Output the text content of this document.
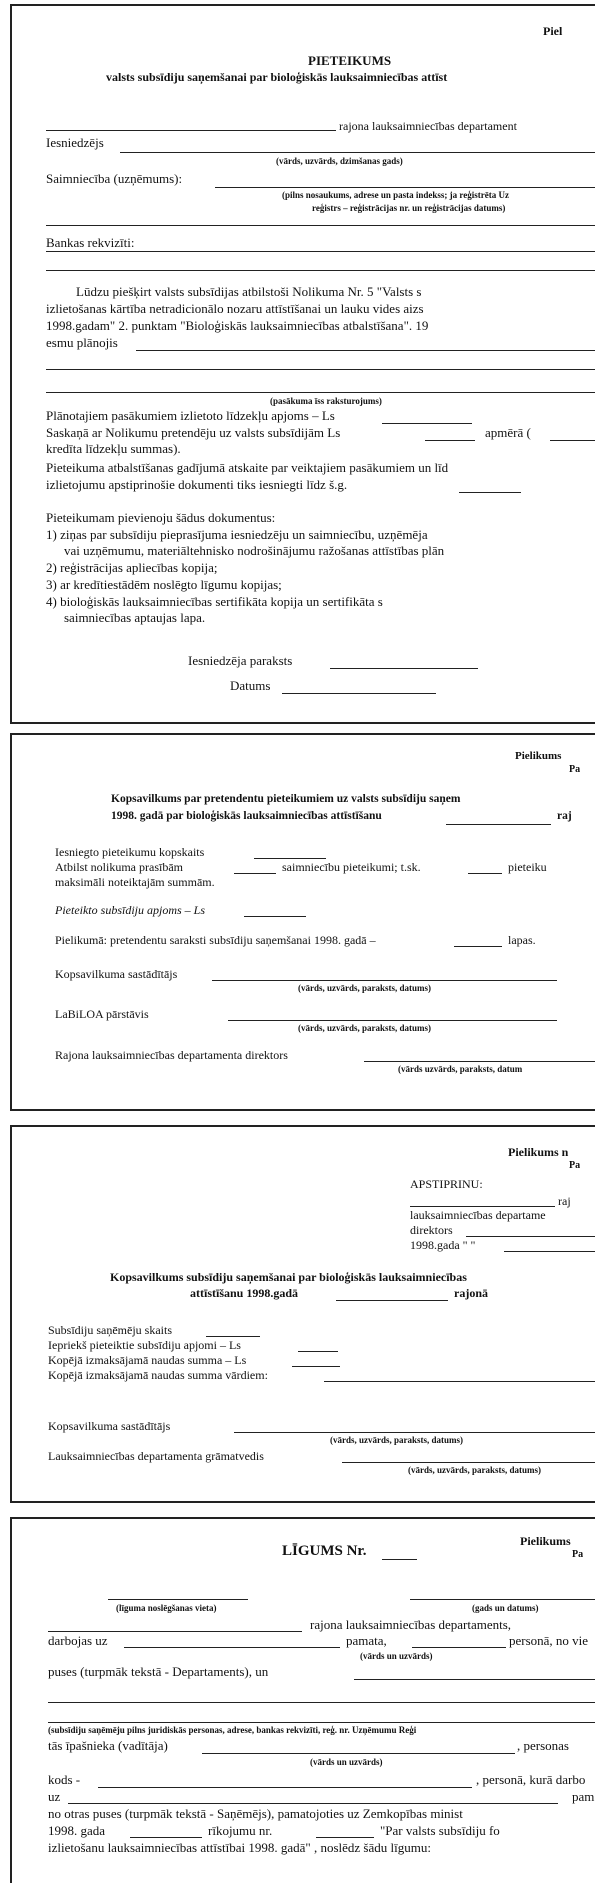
Piel
PIETEIKUMS
valsts subsīdiju saņemšanai par bioloģiskās lauksaimniecības attīst
rajona lauksaimniecības departament
Iesniedzējs
(vārds, uzvārds, dzimšanas gads)
Saimniecība (uzņēmums):
(pilns nosaukums, adrese un pasta indekss; ja reģistrēta Uz
reģistrs – reģistrācijas nr. un reģistrācijas datums)
Bankas rekvizīti:
Lūdzu piešķirt valsts subsīdijas atbilstoši Nolikuma Nr. 5 "Valsts s
izlietošanas kārtība netradicionālo nozaru attīstīšanai un lauku vides aizs
1998.gadam" 2. punktam "Bioloģiskās lauksaimniecības atbalstīšana". 19
esmu plānojis
(pasākuma īss raksturojums)
Plānotajiem pasākumiem izlietoto līdzekļu apjoms – Ls
Saskaņā ar Nolikumu pretendēju uz valsts subsīdijām Ls	apmērā (
kredīta līdzekļu summas).
Pieteikuma atbalstīšanas gadījumā atskaite par veiktajiem pasākumiem un līd
izlietojumu apstiprinošie dokumenti tiks iesniegti līdz š.g.
Pieteikumam pievienoju šādus dokumentus:
1) ziņas par subsīdiju pieprasījuma iesniedzēju un saimniecību, uzņēmēja
vai uzņēmumu, materiāltehnisko nodrošinājumu ražošanas attīstības plān
2) reģistrācijas apliecības kopija;
3) ar kredītiestādēm noslēgto līgumu kopijas;
4) bioloģiskās lauksaimniecības sertifikāta kopija un sertifikāta s
saimniecības aptaujas lapa.
Iesniedzēja paraksts
Datums
Pielikums
Pa
Kopsavilkums par pretendentu pieteikumiem uz valsts subsīdiju saņem
1998. gadā par bioloģiskās lauksaimniecības attīstīšanu	raj
Iesniegto pieteikumu kopskaits
Atbilst nolikuma prasībām	saimniecību pieteikumi; t.sk.	pieteiku
maksimāli noteiktajām summām.
Pieteikto subsīdiju apjoms – Ls
Pielikumā: pretendentu saraksti subsīdiju saņemšanai 1998. gadā –	lapas.
Kopsavilkuma sastādītājs
(vārds, uzvārds, paraksts, datums)
LaBiLOA pārstāvis
(vārds, uzvārds, paraksts, datums)
Rajona lauksaimniecības departamenta direktors
(vārds uzvārds, paraksts, datum
Pielikums n
Pa
APSTIPRINU:
raj
lauksaimniecības departame
direktors
1998.gada " "
Kopsavilkums subsīdiju saņemšanai par bioloģiskās lauksaimniecības
attīstīšanu 1998.gadā	rajonā
Subsīdiju saņēmēju skaits
Iepriekš pieteiktie subsīdiju apjomi – Ls
Kopējā izmaksājamā naudas summa – Ls
Kopējā izmaksājamā naudas summa vārdiem:
Kopsavilkuma sastādītājs
(vārds, uzvārds, paraksts, datums)
Lauksaimniecības departamenta grāmatvedis
(vārds, uzvārds, paraksts, datums)
Pielikums
Pa
LĪGUMS Nr.
(līguma noslēgšanas vieta)	(gads un datums)
rajona lauksaimniecības departaments,
darbojas uz	pamata,	personā, no vie
(vārds un uzvārds)
puses (turpmāk tekstā - Departaments), un
(subsīdiju saņēmēju pilns juridiskās personas, adrese, bankas rekvizīti, reģ. nr. Uzņēmumu Reģi
tās īpašnieka (vadītāja)	, personas
(vārds un uzvārds)
kods -	, personā, kurā darbo
uz	pam
no otras puses (turpmāk tekstā - Saņēmējs), pamatojoties uz Zemkopības minist
1998. gada	rīkojumu nr.	"Par valsts subsīdiju fo
izlietošanu lauksaimniecības attīstībai 1998. gadā" , noslēdz šādu līgumu:
